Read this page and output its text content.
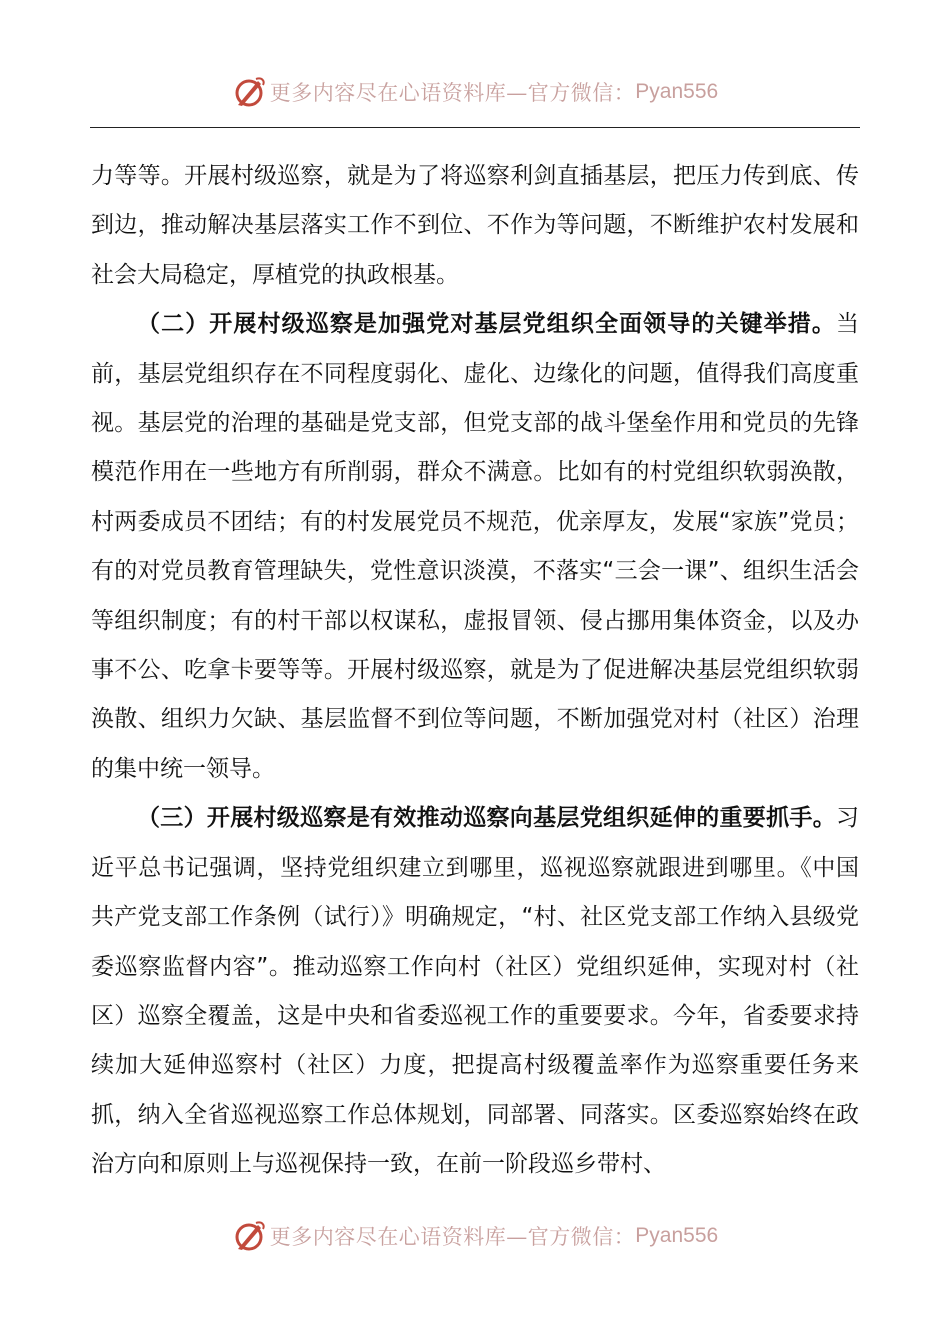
更多内容尽在心语资料库—官方微信： Pyan556

力等等。开展村级巡察，就是为了将巡察利剑直插基层，把压力传到底、传到边，推动解决基层落实工作不到位、不作为等问题，不断维护农村发展和社会大局稳定，厚植党的执政根基。

（二）开展村级巡察是加强党对基层党组织全面领导的关键举措。当前，基层党组织存在不同程度弱化、虚化、边缘化的问题，值得我们高度重视。基层党的治理的基础是党支部，但党支部的战斗堡垒作用和党员的先锋模范作用在一些地方有所削弱，群众不满意。比如有的村党组织软弱涣散，村两委成员不团结；有的村发展党员不规范，优亲厚友，发展“家族”党员；有的对党员教育管理缺失，党性意识淡漠，不落实“三会一课”、组织生活会等组织制度；有的村干部以权谋私，虚报冒领、侵占挪用集体资金，以及办事不公、吃拿卡要等等。开展村级巡察，就是为了促进解决基层党组织软弱涣散、组织力欠缺、基层监督不到位等问题，不断加强党对村（社区）治理的集中统一领导。

（三）开展村级巡察是有效推动巡察向基层党组织延伸的重要抓手。习近平总书记强调，坚持党组织建立到哪里，巡视巡察就跟进到哪里。《中国共产党支部工作条例（试行）》明确规定，“村、社区党支部工作纳入县级党委巡察监督内容”。推动巡察工作向村（社区）党组织延伸，实现对村（社区）巡察全覆盖，这是中央和省委巡视工作的重要要求。今年，省委要求持续加大延伸巡察村（社区）力度，把提高村级覆盖率作为巡察重要任务来抓，纳入全省巡视巡察工作总体规划，同部署、同落实。区委巡察始终在政治方向和原则上与巡视保持一致，在前一阶段巡乡带村、

更多内容尽在心语资料库—官方微信： Pyan556
